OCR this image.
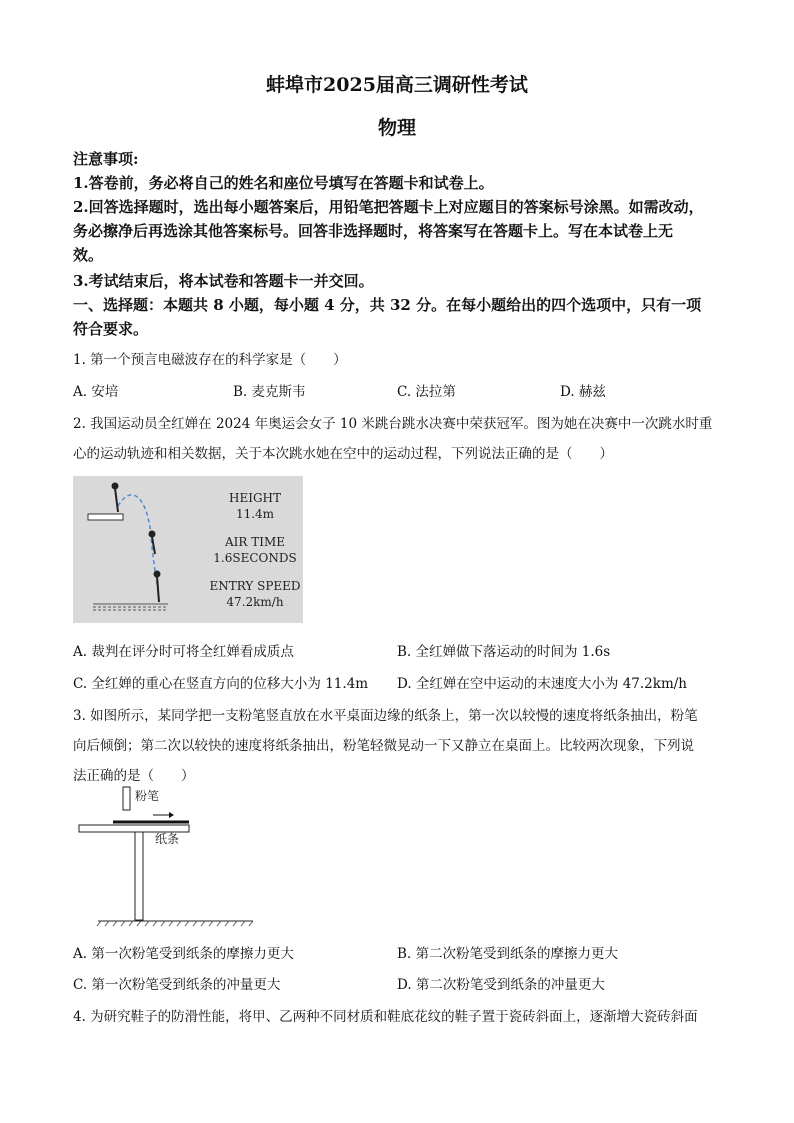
蚌埠市2025届高三调研性考试
物理
注意事项:
1.答卷前，务必将自己的姓名和座位号填写在答题卡和试卷上。
2.回答选择题时，选出每小题答案后，用铅笔把答题卡上对应题目的答案标号涂黑。如需改动，
务必擦净后再选涂其他答案标号。回答非选择题时，将答案写在答题卡上。写在本试卷上无
效。
3.考试结束后，将本试卷和答题卡一并交回。
一、选择题：本题共 8 小题，每小题 4 分，共 32 分。在每小题给出的四个选项中，只有一项
符合要求。
1. 第一个预言电磁波存在的科学家是（　　）
A. 安培	B. 麦克斯韦	C. 法拉第	D. 赫兹
2. 我国运动员全红婵在 2024 年奥运会女子 10 米跳台跳水决赛中荣获冠军。图为她在决赛中一次跳水时重
心的运动轨迹和相关数据，关于本次跳水她在空中的运动过程，下列说法正确的是（　　）
HEIGHT
11.4m
AIR TIME
1.6SECONDS
ENTRY SPEED
47.2km/h
A. 裁判在评分时可将全红婵看成质点	B. 全红婵做下落运动的时间为 1.6s
C. 全红婵的重心在竖直方向的位移大小为 11.4m D. 全红婵在空中运动的末速度大小为 47.2km/h
3. 如图所示，某同学把一支粉笔竖直放在水平桌面边缘的纸条上，第一次以较慢的速度将纸条抽出，粉笔
向后倾倒；第二次以较快的速度将纸条抽出，粉笔轻微晃动一下又静立在桌面上。比较两次现象，下列说
法正确的是（　　）
粉笔
纸条
A. 第一次粉笔受到纸条的摩擦力更大	B. 第二次粉笔受到纸条的摩擦力更大
C. 第一次粉笔受到纸条的冲量更大	D. 第二次粉笔受到纸条的冲量更大
4. 为研究鞋子的防滑性能，将甲、乙两种不同材质和鞋底花纹的鞋子置于瓷砖斜面上，逐渐增大瓷砖斜面
